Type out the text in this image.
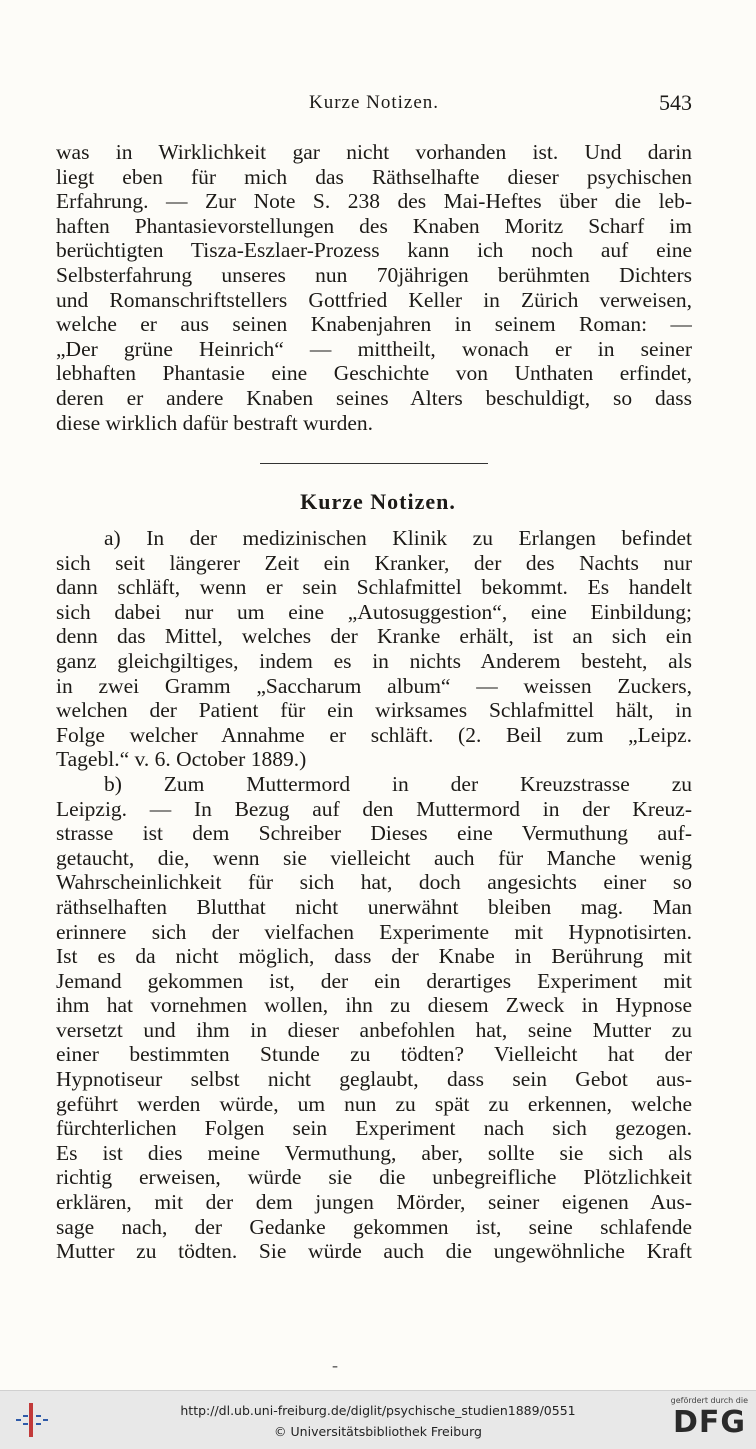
Kurze Notizen.	543
was in Wirklichkeit gar nicht vorhanden ist. Und darin
liegt eben für mich das Räthselhafte dieser psychischen
Erfahrung. — Zur Note S. 238 des Mai-Heftes über die leb-
haften Phantasievorstellungen des Knaben Moritz Scharf im
berüchtigten Tisza-Eszlaer-Prozess kann ich noch auf eine
Selbsterfahrung unseres nun 70jährigen berühmten Dichters
und Romanschriftstellers Gottfried Keller in Zürich verweisen,
welche er aus seinen Knabenjahren in seinem Roman: —
„Der grüne Heinrich“ — mittheilt, wonach er in seiner
lebhaften Phantasie eine Geschichte von Unthaten erfindet,
deren er andere Knaben seines Alters beschuldigt, so dass
diese wirklich dafür bestraft wurden.
Kurze Notizen.
a) In der medizinischen Klinik zu Erlangen befindet
sich seit längerer Zeit ein Kranker, der des Nachts nur
dann schläft, wenn er sein Schlafmittel bekommt. Es handelt
sich dabei nur um eine „Autosuggestion“, eine Einbildung;
denn das Mittel, welches der Kranke erhält, ist an sich ein
ganz gleichgiltiges, indem es in nichts Anderem besteht, als
in zwei Gramm „Saccharum album“ — weissen Zuckers,
welchen der Patient für ein wirksames Schlafmittel hält, in
Folge welcher Annahme er schläft. (2. Beil zum „Leipz.
Tagebl.“ v. 6. October 1889.)
b) Zum Muttermord in der Kreuzstrasse zu
Leipzig. — In Bezug auf den Muttermord in der Kreuz-
strasse ist dem Schreiber Dieses eine Vermuthung auf-
getaucht, die, wenn sie vielleicht auch für Manche wenig
Wahrscheinlichkeit für sich hat, doch angesichts einer so
räthselhaften Blutthat nicht unerwähnt bleiben mag. Man
erinnere sich der vielfachen Experimente mit Hypnotisirten.
Ist es da nicht möglich, dass der Knabe in Berührung mit
Jemand gekommen ist, der ein derartiges Experiment mit
ihm hat vornehmen wollen, ihn zu diesem Zweck in Hypnose
versetzt und ihm in dieser anbefohlen hat, seine Mutter zu
einer bestimmten Stunde zu tödten? Vielleicht hat der
Hypnotiseur selbst nicht geglaubt, dass sein Gebot aus-
geführt werden würde, um nun zu spät zu erkennen, welche
fürchterlichen Folgen sein Experiment nach sich gezogen.
Es ist dies meine Vermuthung, aber, sollte sie sich als
richtig erweisen, würde sie die unbegreifliche Plötzlichkeit
erklären, mit der dem jungen Mörder, seiner eigenen Aus-
sage nach, der Gedanke gekommen ist, seine schlafende
Mutter zu tödten. Sie würde auch die ungewöhnliche Kraft
-
http://dl.ub.uni-freiburg.de/diglit/psychische_studien1889/0551
© Universitätsbibliothek Freiburg
gefördert durch die
DFG
